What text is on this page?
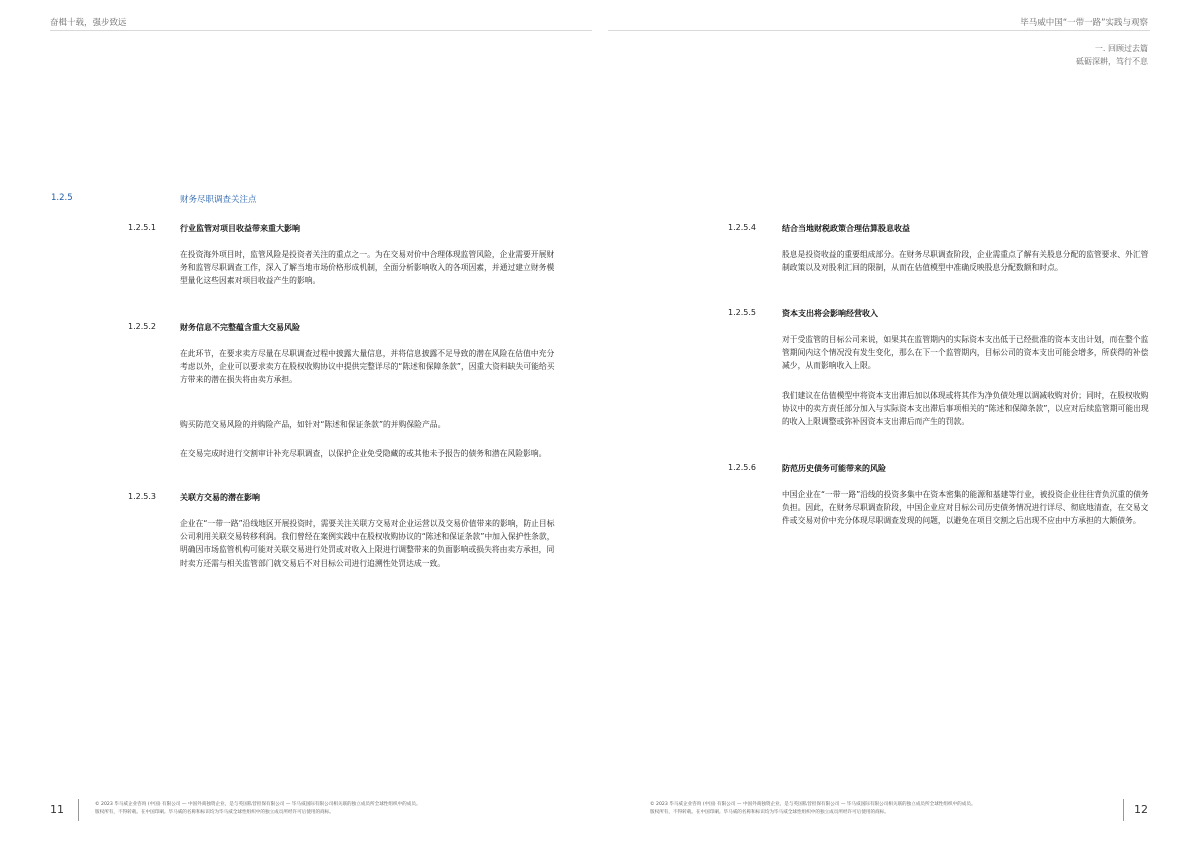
奋楫十载，强步致远	毕马威中国“一带一路”实践与观察
一. 回顾过去篇
砥砺深耕，笃行不息
1.2.5	财务尽职调查关注点
1.2.5.1	行业监管对项目收益带来重大影响
在投资海外项目时，监管风险是投资者关注的重点之一。为在交易对价中合理体现监管风险，企业需要开展财务和监管尽职调查工作，深入了解当地市场价格形成机制，全面分析影响收入的各项因素，并通过建立财务模型量化这些因素对项目收益产生的影响。
1.2.5.2	财务信息不完整蕴含重大交易风险
在此环节，在要求卖方尽量在尽职调查过程中披露大量信息，并将信息披露不足导致的潜在风险在估值中充分考虑以外，企业可以要求卖方在股权收购协议中提供完整详尽的“陈述和保障条款”，因重大资料缺失可能给买方带来的潜在损失将由卖方承担。
购买防范交易风险的并购险产品，如针对“陈述和保证条款”的并购保险产品。
在交易完成时进行交割审计补充尽职调查，以保护企业免受隐藏的或其他未予报告的债务和潜在风险影响。
1.2.5.3	关联方交易的潜在影响
企业在“一带一路”沿线地区开展投资时，需要关注关联方交易对企业运营以及交易价值带来的影响，防止目标公司利用关联交易转移利润。我们曾经在案例实践中在股权收购协议的“陈述和保证条款”中加入保护性条款，明确因市场监管机构可能对关联交易进行处罚或对收入上限进行调整带来的负面影响或损失将由卖方承担，同时卖方还需与相关监管部门就交易后不对目标公司进行追溯性处罚达成一致。
1.2.5.4	结合当地财税政策合理估算股息收益
股息是投资收益的重要组成部分。在财务尽职调查阶段，企业需重点了解有关股息分配的监管要求、外汇管制政策以及对股利汇回的限制，从而在估值模型中准确反映股息分配数额和时点。
1.2.5.5	资本支出将会影响经营收入
对于受监管的目标公司来说，如果其在监管期内的实际资本支出低于已经批准的资本支出计划，而在整个监管期间内这个情况没有发生变化，那么在下一个监管期内，目标公司的资本支出可能会增多，所获得的补偿减少，从而影响收入上限。
我们建议在估值模型中将资本支出滞后加以体现或将其作为净负债处理以调减收购对价；同时，在股权收购协议中的卖方责任部分加入与实际资本支出滞后事项相关的“陈述和保障条款”，以应对后续监管期可能出现的收入上限调整或弥补因资本支出滞后而产生的罚款。
1.2.5.6	防范历史债务可能带来的风险
中国企业在“一带一路”沿线的投资多集中在资本密集的能源和基建等行业，被投资企业往往背负沉重的债务负担。因此，在财务尽职调查阶段，中国企业应对目标公司历史债务情况进行详尽、彻底地清查，在交易文件或交易对价中充分体现尽职调查发现的问题，以避免在项目交割之后出现不应由中方承担的大额债务。
11	© 2023 毕马威企业咨询 (中国) 有限公司 — 中国外商独资企业，是与英国私营担保有限公司 — 毕马威国际有限公司相关联的独立成员所全球性组织中的成员。
版权所有，不得转载。在中国印刷。毕马威的名称和标识均为毕马威全球性组织中的独立成员所经许可后使用的商标。
© 2023 毕马威企业咨询 (中国) 有限公司 — 中国外商独资企业，是与英国私营担保有限公司 — 毕马威国际有限公司相关联的独立成员所全球性组织中的成员。
版权所有，不得转载。在中国印刷。毕马威的名称和标识均为毕马威全球性组织中的独立成员所经许可后使用的商标。	12
